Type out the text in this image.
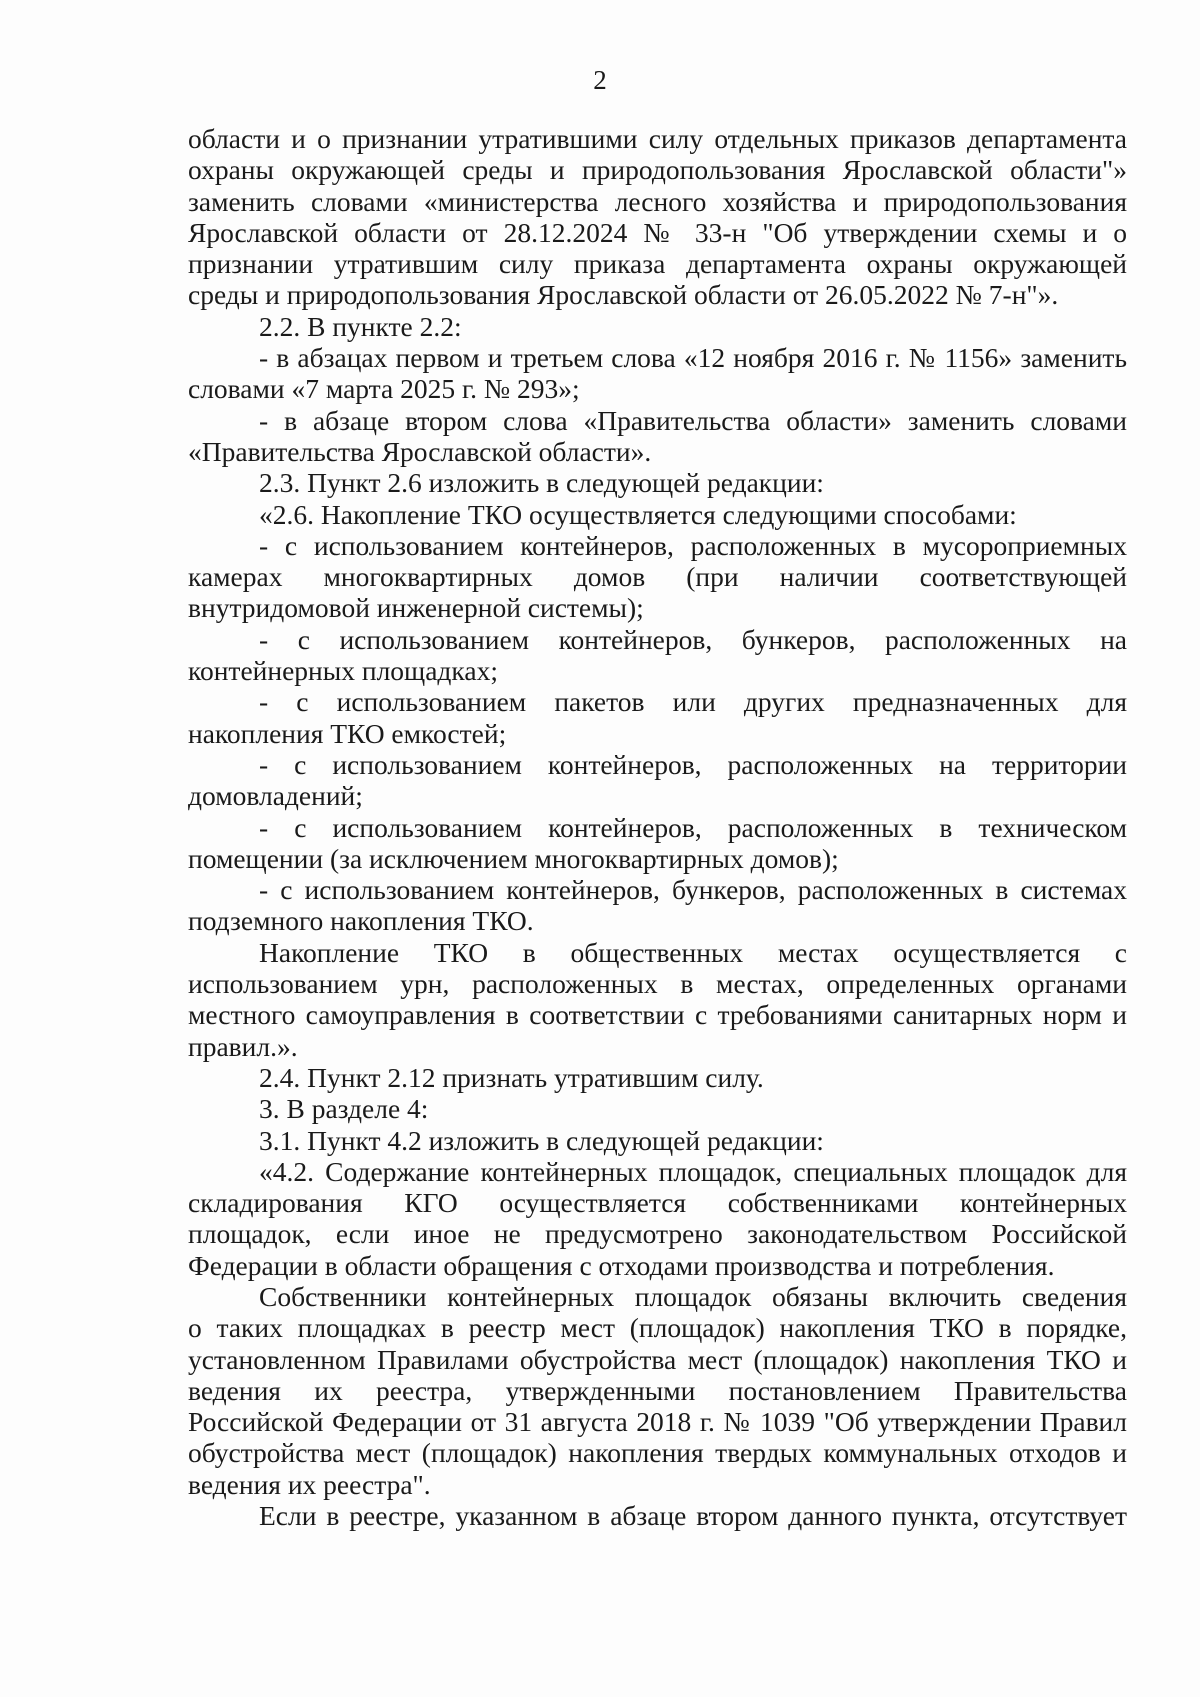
2
области и о признании утратившими силу отдельных приказов департамента
охраны окружающей среды и природопользования Ярославской области"»
заменить словами «министерства лесного хозяйства и природопользования
Ярославской области от 28.12.2024 № 33-н "Об утверждении схемы и о
признании утратившим силу приказа департамента охраны окружающей
среды и природопользования Ярославской области от 26.05.2022 № 7-н"».
2.2. В пункте 2.2:
- в абзацах первом и третьем слова «12 ноября 2016 г. № 1156» заменить
словами «7 марта 2025 г. № 293»;
- в абзаце втором слова «Правительства области» заменить словами
«Правительства Ярославской области».
2.3. Пункт 2.6 изложить в следующей редакции:
«2.6. Накопление ТКО осуществляется следующими способами:
- с использованием контейнеров, расположенных в мусороприемных
камерах многоквартирных домов (при наличии соответствующей
внутридомовой инженерной системы);
- с использованием контейнеров, бункеров, расположенных на
контейнерных площадках;
- с использованием пакетов или других предназначенных для
накопления ТКО емкостей;
- с использованием контейнеров, расположенных на территории
домовладений;
- с использованием контейнеров, расположенных в техническом
помещении (за исключением многоквартирных домов);
- с использованием контейнеров, бункеров, расположенных в системах
подземного накопления ТКО.
Накопление ТКО в общественных местах осуществляется с
использованием урн, расположенных в местах, определенных органами
местного самоуправления в соответствии с требованиями санитарных норм и
правил.».
2.4. Пункт 2.12 признать утратившим силу.
3. В разделе 4:
3.1. Пункт 4.2 изложить в следующей редакции:
«4.2. Содержание контейнерных площадок, специальных площадок для
складирования КГО осуществляется собственниками контейнерных
площадок, если иное не предусмотрено законодательством Российской
Федерации в области обращения с отходами производства и потребления.
Собственники контейнерных площадок обязаны включить сведения
о таких площадках в реестр мест (площадок) накопления ТКО в порядке,
установленном Правилами обустройства мест (площадок) накопления ТКО и
ведения их реестра, утвержденными постановлением Правительства
Российской Федерации от 31 августа 2018 г. № 1039 "Об утверждении Правил
обустройства мест (площадок) накопления твердых коммунальных отходов и
ведения их реестра".
Если в реестре, указанном в абзаце втором данного пункта, отсутствует
